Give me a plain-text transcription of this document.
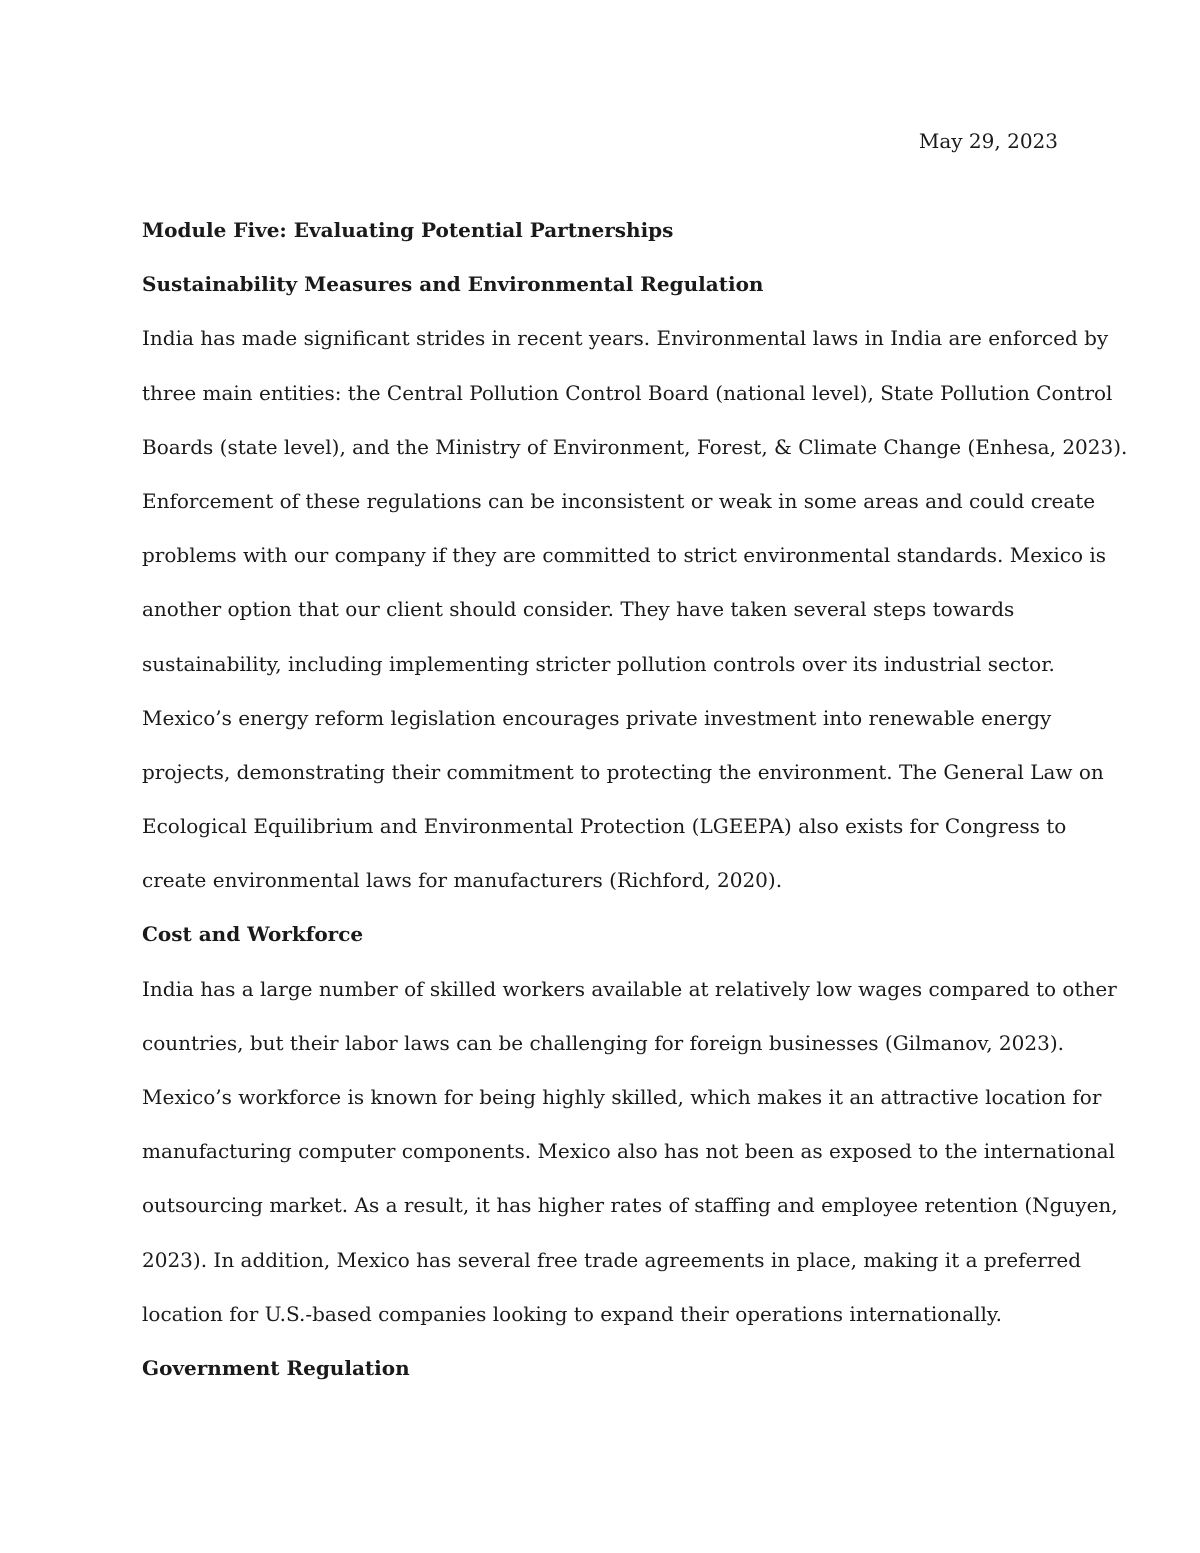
May 29, 2023
Module Five: Evaluating Potential Partnerships
Sustainability Measures and Environmental Regulation
India has made significant strides in recent years. Environmental laws in India are enforced by
three main entities: the Central Pollution Control Board (national level), State Pollution Control
Boards (state level), and the Ministry of Environment, Forest, & Climate Change (Enhesa, 2023).
Enforcement of these regulations can be inconsistent or weak in some areas and could create
problems with our company if they are committed to strict environmental standards. Mexico is
another option that our client should consider. They have taken several steps towards
sustainability, including implementing stricter pollution controls over its industrial sector.
Mexico’s energy reform legislation encourages private investment into renewable energy
projects, demonstrating their commitment to protecting the environment. The General Law on
Ecological Equilibrium and Environmental Protection (LGEEPA) also exists for Congress to
create environmental laws for manufacturers (Richford, 2020).
Cost and Workforce
India has a large number of skilled workers available at relatively low wages compared to other
countries, but their labor laws can be challenging for foreign businesses (Gilmanov, 2023).
Mexico’s workforce is known for being highly skilled, which makes it an attractive location for
manufacturing computer components. Mexico also has not been as exposed to the international
outsourcing market. As a result, it has higher rates of staffing and employee retention (Nguyen,
2023). In addition, Mexico has several free trade agreements in place, making it a preferred
location for U.S.-based companies looking to expand their operations internationally.
Government Regulation
